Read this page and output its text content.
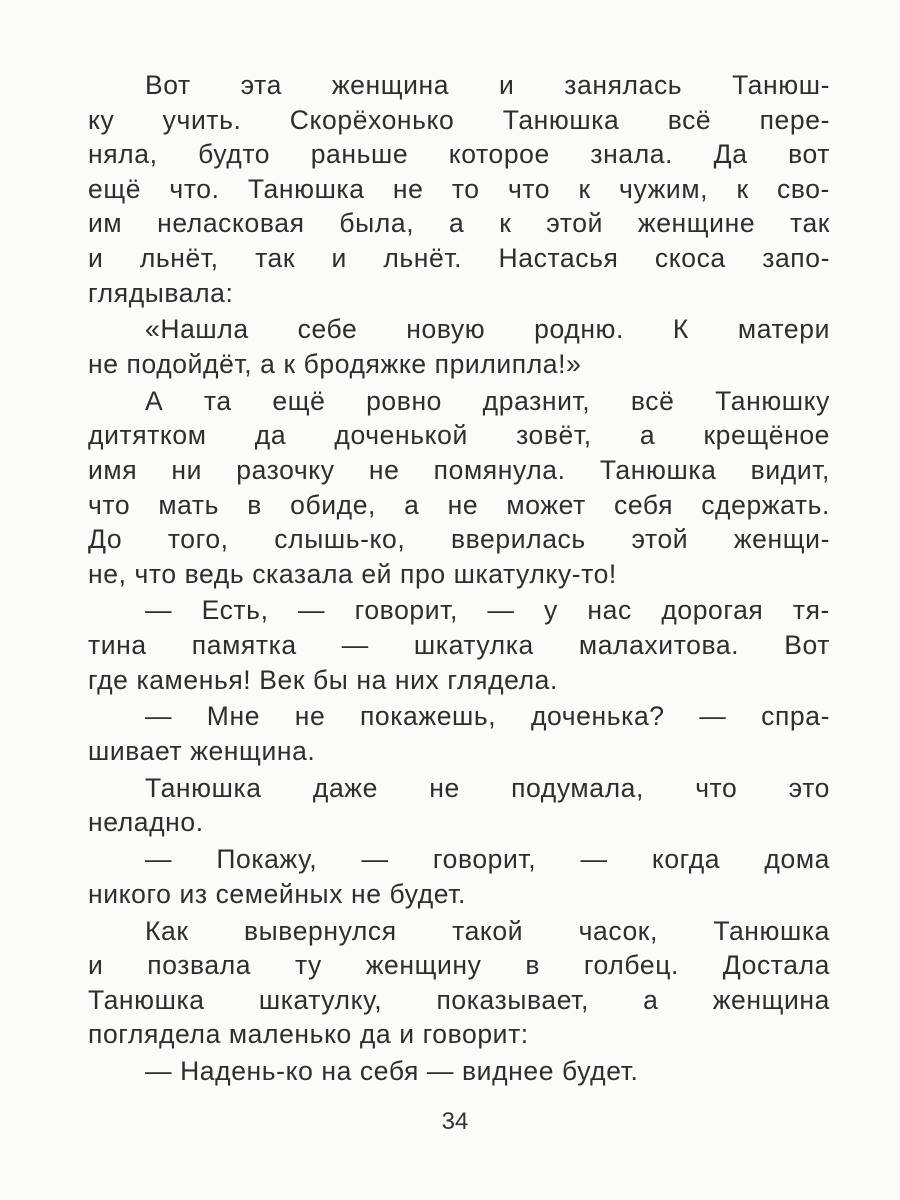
Вот эта женщина и занялась Танюш-
ку учить. Скорёхонько Танюшка всё пере-
няла, будто раньше которое знала. Да вот
ещё что. Танюшка не то что к чужим, к сво-
им неласковая была, а к этой женщине так
и льнёт, так и льнёт. Настасья скоса запо-
глядывала:
«Нашла себе новую родню. К матери
не подойдёт, а к бродяжке прилипла!»
А та ещё ровно дразнит, всё Танюшку
дитятком да доченькой зовёт, а крещёное
имя ни разочку не помянула. Танюшка видит,
что мать в обиде, а не может себя сдержать.
До того, слышь-ко, вверилась этой женщи-
не, что ведь сказала ей про шкатулку-то!
— Есть, — говорит, — у нас дорогая тя-
тина памятка — шкатулка малахитова. Вот
где каменья! Век бы на них глядела.
— Мне не покажешь, доченька? — спра-
шивает женщина.
Танюшка даже не подумала, что это
неладно.
— Покажу, — говорит, — когда дома
никого из семейных не будет.
Как вывернулся такой часок, Танюшка
и позвала ту женщину в голбец. Достала
Танюшка шкатулку, показывает, а женщина
поглядела маленько да и говорит:
— Надень-ко на себя — виднее будет.
34
